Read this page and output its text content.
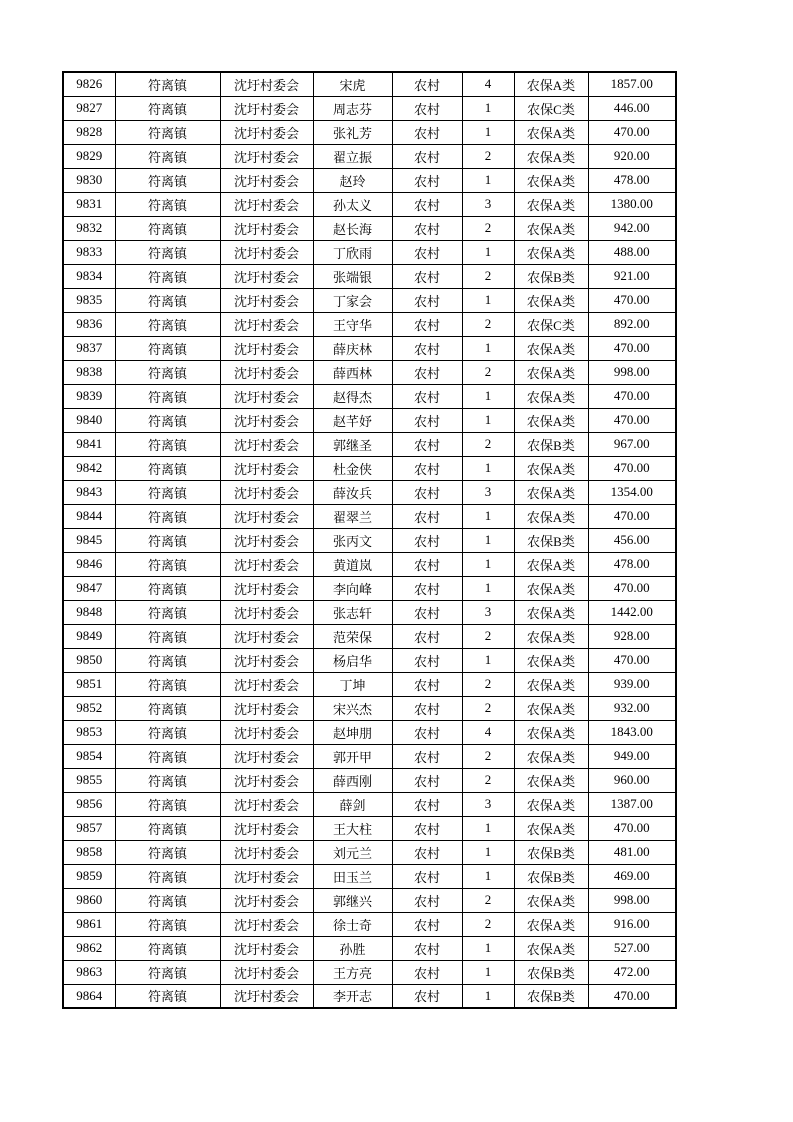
9826	符离镇	沈圩村委会	宋虎	农村	4	农保A类	1857.00
9827	符离镇	沈圩村委会	周志芬	农村	1	农保C类	446.00
9828	符离镇	沈圩村委会	张礼芳	农村	1	农保A类	470.00
9829	符离镇	沈圩村委会	翟立振	农村	2	农保A类	920.00
9830	符离镇	沈圩村委会	赵玲	农村	1	农保A类	478.00
9831	符离镇	沈圩村委会	孙太义	农村	3	农保A类	1380.00
9832	符离镇	沈圩村委会	赵长海	农村	2	农保A类	942.00
9833	符离镇	沈圩村委会	丁欣雨	农村	1	农保A类	488.00
9834	符离镇	沈圩村委会	张端银	农村	2	农保B类	921.00
9835	符离镇	沈圩村委会	丁家会	农村	1	农保A类	470.00
9836	符离镇	沈圩村委会	王守华	农村	2	农保C类	892.00
9837	符离镇	沈圩村委会	薛庆林	农村	1	农保A类	470.00
9838	符离镇	沈圩村委会	薛西林	农村	2	农保A类	998.00
9839	符离镇	沈圩村委会	赵得杰	农村	1	农保A类	470.00
9840	符离镇	沈圩村委会	赵芊妤	农村	1	农保A类	470.00
9841	符离镇	沈圩村委会	郭继圣	农村	2	农保B类	967.00
9842	符离镇	沈圩村委会	杜金侠	农村	1	农保A类	470.00
9843	符离镇	沈圩村委会	薛汝兵	农村	3	农保A类	1354.00
9844	符离镇	沈圩村委会	翟翠兰	农村	1	农保A类	470.00
9845	符离镇	沈圩村委会	张丙文	农村	1	农保B类	456.00
9846	符离镇	沈圩村委会	黄道岚	农村	1	农保A类	478.00
9847	符离镇	沈圩村委会	李向峰	农村	1	农保A类	470.00
9848	符离镇	沈圩村委会	张志轩	农村	3	农保A类	1442.00
9849	符离镇	沈圩村委会	范荣保	农村	2	农保A类	928.00
9850	符离镇	沈圩村委会	杨启华	农村	1	农保A类	470.00
9851	符离镇	沈圩村委会	丁坤	农村	2	农保A类	939.00
9852	符离镇	沈圩村委会	宋兴杰	农村	2	农保A类	932.00
9853	符离镇	沈圩村委会	赵坤朋	农村	4	农保A类	1843.00
9854	符离镇	沈圩村委会	郭开甲	农村	2	农保A类	949.00
9855	符离镇	沈圩村委会	薛西刚	农村	2	农保A类	960.00
9856	符离镇	沈圩村委会	薛剑	农村	3	农保A类	1387.00
9857	符离镇	沈圩村委会	王大柱	农村	1	农保A类	470.00
9858	符离镇	沈圩村委会	刘元兰	农村	1	农保B类	481.00
9859	符离镇	沈圩村委会	田玉兰	农村	1	农保B类	469.00
9860	符离镇	沈圩村委会	郭继兴	农村	2	农保A类	998.00
9861	符离镇	沈圩村委会	徐士奇	农村	2	农保A类	916.00
9862	符离镇	沈圩村委会	孙胜	农村	1	农保A类	527.00
9863	符离镇	沈圩村委会	王方亮	农村	1	农保B类	472.00
9864	符离镇	沈圩村委会	李开志	农村	1	农保B类	470.00
